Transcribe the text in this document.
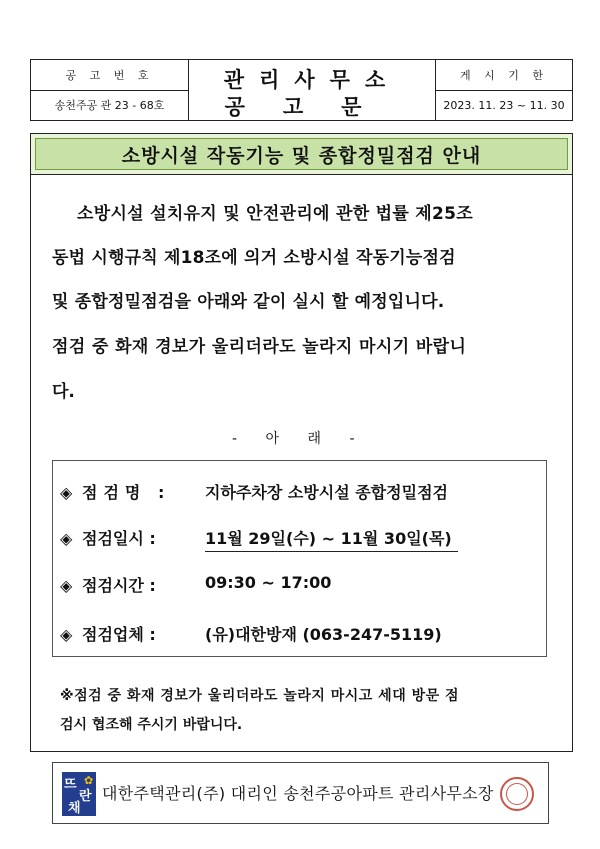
공 고 번 호
송천주공 관 23 - 68호
관리사무소
공고문
게 시 기 한
2023. 11. 23 ~ 11. 30
소방시설 작동기능 및 종합정밀점검 안내
소방시설 설치유지 및 안전관리에 관한 법률 제25조
동법 시행규칙 제18조에 의거 소방시설 작동기능점검
및 종합정밀점검을 아래와 같이 실시 할 예정입니다.
점검 중 화재 경보가 울리더라도 놀라지 마시기 바랍니
다.
- 아 래 -
◈ 점검명 : 지하주차장 소방시설 종합정밀점검
◈ 점검일시 :	11월 29일(수) ~ 11월 30일(목)
◈ 점검시간 :	09:30 ~ 17:00
◈ 점검업체 :	(유)대한방재 (063-247-5119)
※점검 중 화재 경보가 울리더라도 놀라지 마시고 세대 방문 점
검시 협조해 주시기 바랍니다.
✿
뜨
란
채
대한주택관리(주) 대리인 송천주공아파트 관리사무소장
